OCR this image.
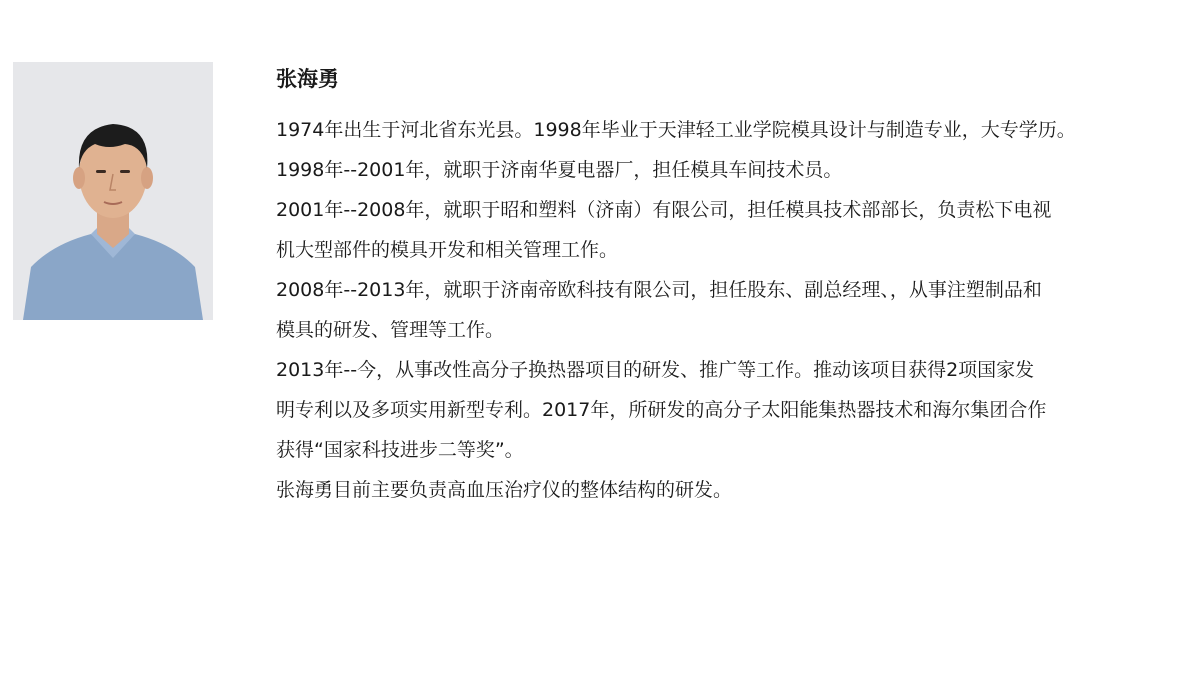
张海勇
1974年出生于河北省东光县。1998年毕业于天津轻工业学院模具设计与制造专业，大专学历。
1998年--2001年，就职于济南华夏电器厂，担任模具车间技术员。
2001年--2008年，就职于昭和塑料（济南）有限公司，担任模具技术部部长，负责松下电视
机大型部件的模具开发和相关管理工作。
2008年--2013年，就职于济南帝欧科技有限公司，担任股东、副总经理、，从事注塑制品和
模具的研发、管理等工作。
2013年--今，从事改性高分子换热器项目的研发、推广等工作。推动该项目获得2项国家发
明专利以及多项实用新型专利。2017年，所研发的高分子太阳能集热器技术和海尔集团合作
获得“国家科技进步二等奖”。
张海勇目前主要负责高血压治疗仪的整体结构的研发。
